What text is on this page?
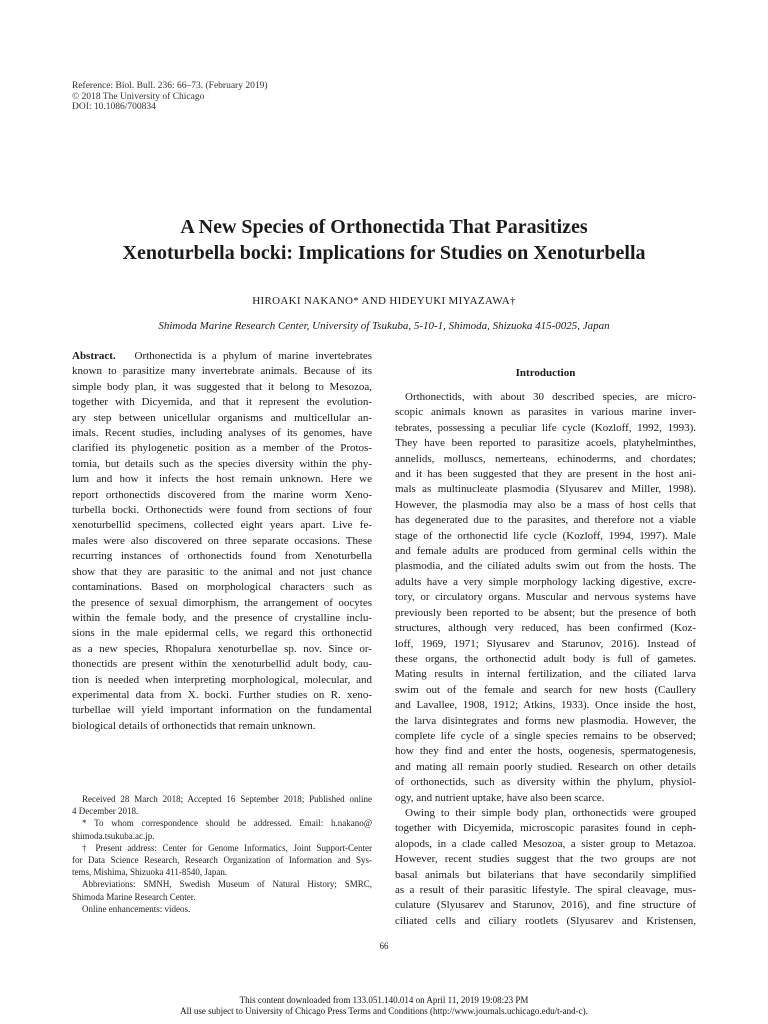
Reference: Biol. Bull. 236: 66–73. (February 2019)
© 2018 The University of Chicago
DOI: 10.1086/700834
A New Species of Orthonectida That Parasitizes
Xenoturbella bocki: Implications for Studies on Xenoturbella
HIROAKI NAKANO* AND HIDEYUKI MIYAZAWA†
Shimoda Marine Research Center, University of Tsukuba, 5-10-1, Shimoda, Shizuoka 415-0025, Japan
Abstract.   Orthonectida is a phylum of marine invertebrates
known to parasitize many invertebrate animals. Because of its
simple body plan, it was suggested that it belong to Mesozoa,
together with Dicyemida, and that it represent the evolution-
ary step between unicellular organisms and multicellular an-
imals. Recent studies, including analyses of its genomes, have
clarified its phylogenetic position as a member of the Protos-
tomia, but details such as the species diversity within the phy-
lum and how it infects the host remain unknown. Here we
report orthonectids discovered from the marine worm Xeno-
turbella bocki. Orthonectids were found from sections of four
xenoturbellid specimens, collected eight years apart. Live fe-
males were also discovered on three separate occasions. These
recurring instances of orthonectids found from Xenoturbella
show that they are parasitic to the animal and not just chance
contaminations. Based on morphological characters such as
the presence of sexual dimorphism, the arrangement of oocytes
within the female body, and the presence of crystalline inclu-
sions in the male epidermal cells, we regard this orthonectid
as a new species, Rhopalura xenoturbellae sp. nov. Since or-
thonectids are present within the xenoturbellid adult body, cau-
tion is needed when interpreting morphological, molecular, and
experimental data from X. bocki. Further studies on R. xeno-
turbellae will yield important information on the fundamental
biological details of orthonectids that remain unknown.
Received 28 March 2018; Accepted 16 September 2018; Published online
4 December 2018.
* To whom correspondence should be addressed. Email: h.nakano@
shimoda.tsukuba.ac.jp.
† Present address: Center for Genome Informatics, Joint Support-Center
for Data Science Research, Research Organization of Information and Sys-
tems, Mishima, Shizuoka 411-8540, Japan.
Abbreviations: SMNH, Swedish Museum of Natural History; SMRC,
Shimoda Marine Research Center.
Online enhancements: videos.
Introduction
Orthonectids, with about 30 described species, are micro-
scopic animals known as parasites in various marine inver-
tebrates, possessing a peculiar life cycle (Kozloff, 1992, 1993).
They have been reported to parasitize acoels, platyhelminthes,
annelids, molluscs, nemerteans, echinoderms, and chordates;
and it has been suggested that they are present in the host ani-
mals as multinucleate plasmodia (Slyusarev and Miller, 1998).
However, the plasmodia may also be a mass of host cells that
has degenerated due to the parasites, and therefore not a viable
stage of the orthonectid life cycle (Kozloff, 1994, 1997). Male
and female adults are produced from germinal cells within the
plasmodia, and the ciliated adults swim out from the hosts. The
adults have a very simple morphology lacking digestive, excre-
tory, or circulatory organs. Muscular and nervous systems have
previously been reported to be absent; but the presence of both
structures, although very reduced, has been confirmed (Koz-
loff, 1969, 1971; Slyusarev and Starunov, 2016). Instead of
these organs, the orthonectid adult body is full of gametes.
Mating results in internal fertilization, and the ciliated larva
swim out of the female and search for new hosts (Caullery
and Lavallee, 1908, 1912; Atkins, 1933). Once inside the host,
the larva disintegrates and forms new plasmodia. However, the
complete life cycle of a single species remains to be observed;
how they find and enter the hosts, oogenesis, spermatogenesis,
and mating all remain poorly studied. Research on other details
of orthonectids, such as diversity within the phylum, physiol-
ogy, and nutrient uptake, have also been scarce.
Owing to their simple body plan, orthonectids were grouped
together with Dicyemida, microscopic parasites found in ceph-
alopods, in a clade called Mesozoa, a sister group to Metazoa.
However, recent studies suggest that the two groups are not
basal animals but bilaterians that have secondarily simplified
as a result of their parasitic lifestyle. The spiral cleavage, mus-
culature (Slyusarev and Starunov, 2016), and fine structure of
ciliated cells and ciliary rootlets (Slyusarev and Kristensen,
66
This content downloaded from 133.051.140.014 on April 11, 2019 19:08:23 PM
All use subject to University of Chicago Press Terms and Conditions (http://www.journals.uchicago.edu/t-and-c).
